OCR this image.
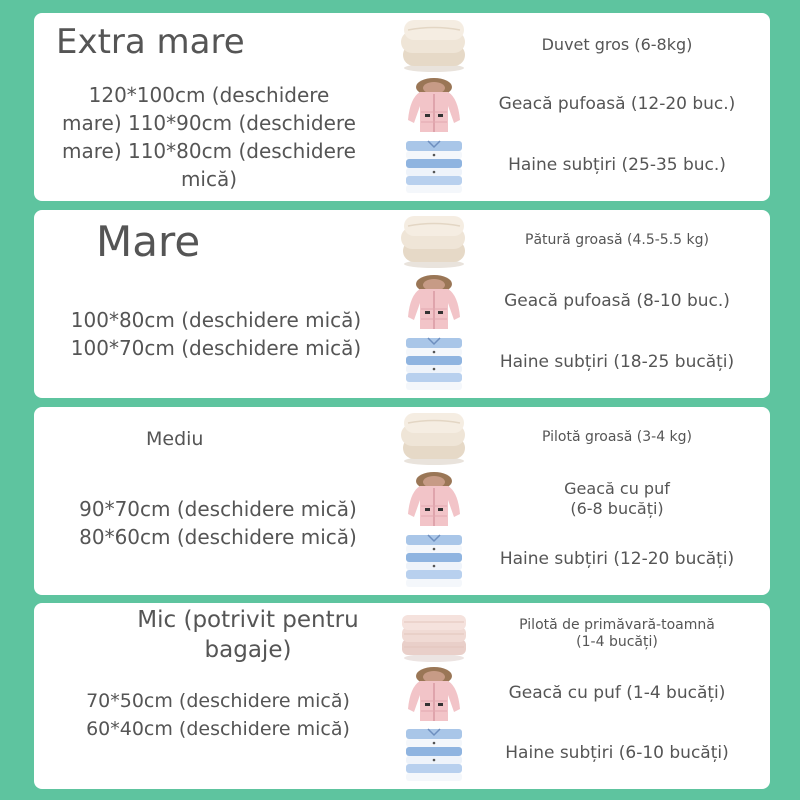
Extra mare
120*100cm (deschidere
mare) 110*90cm (deschidere
mare) 110*80cm (deschidere
mică)
Duvet gros (6-8kg)
Geacă pufoasă (12-20 buc.)
Haine subțiri (25-35 buc.)
Mare
100*80cm (deschidere mică)
100*70cm (deschidere mică)
Pătură groasă (4.5-5.5 kg)
Geacă pufoasă (8-10 buc.)
Haine subțiri (18-25 bucăți)
Mediu
90*70cm (deschidere mică)
80*60cm (deschidere mică)
Pilotă groasă (3-4 kg)
Geacă cu puf
(6-8 bucăți)
Haine subțiri (12-20 bucăți)
Mic (potrivit pentru
bagaje)
70*50cm (deschidere mică)
60*40cm (deschidere mică)
Pilotă de primăvară-toamnă
(1-4 bucăți)
Geacă cu puf (1-4 bucăți)
Haine subțiri (6-10 bucăți)
